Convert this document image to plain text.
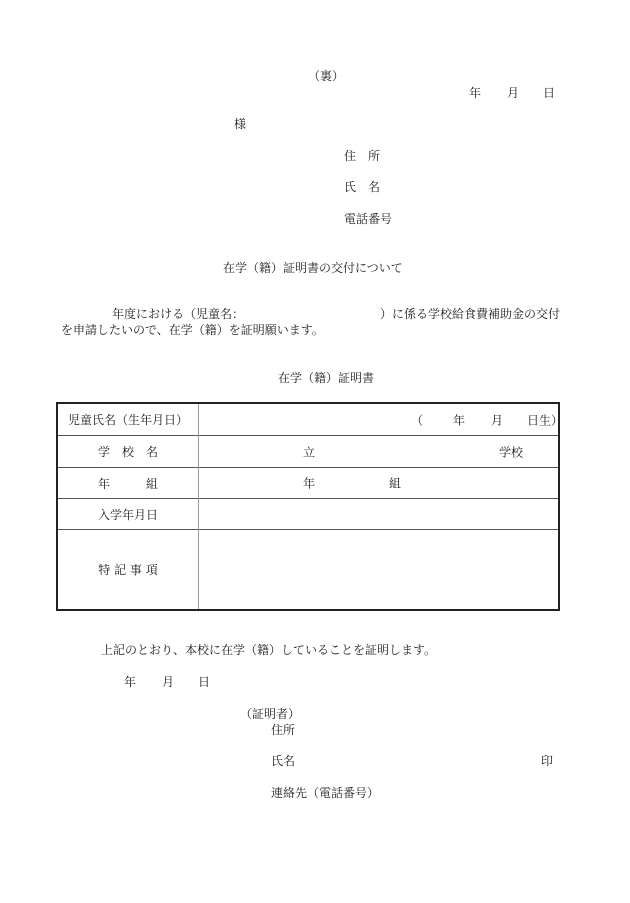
（裏）
年 月 日
様
住　所
氏　名
電話番号
在学（籍）証明書の交付について
年度における（児童名：	）に係る学校給食費補助金の交付
を申請したいので、在学（籍）を証明願います。
在学（籍）証明書
児童氏名（生年月日）	（ 年 月 日生）

学　校　名	立 学校

年　　　組	年 組

入学年月日	
特 記 事 項	
上記のとおり、本校に在学（籍）していることを証明します。
年 月 日
（証明者）
住所
氏名	印
連絡先（電話番号）
